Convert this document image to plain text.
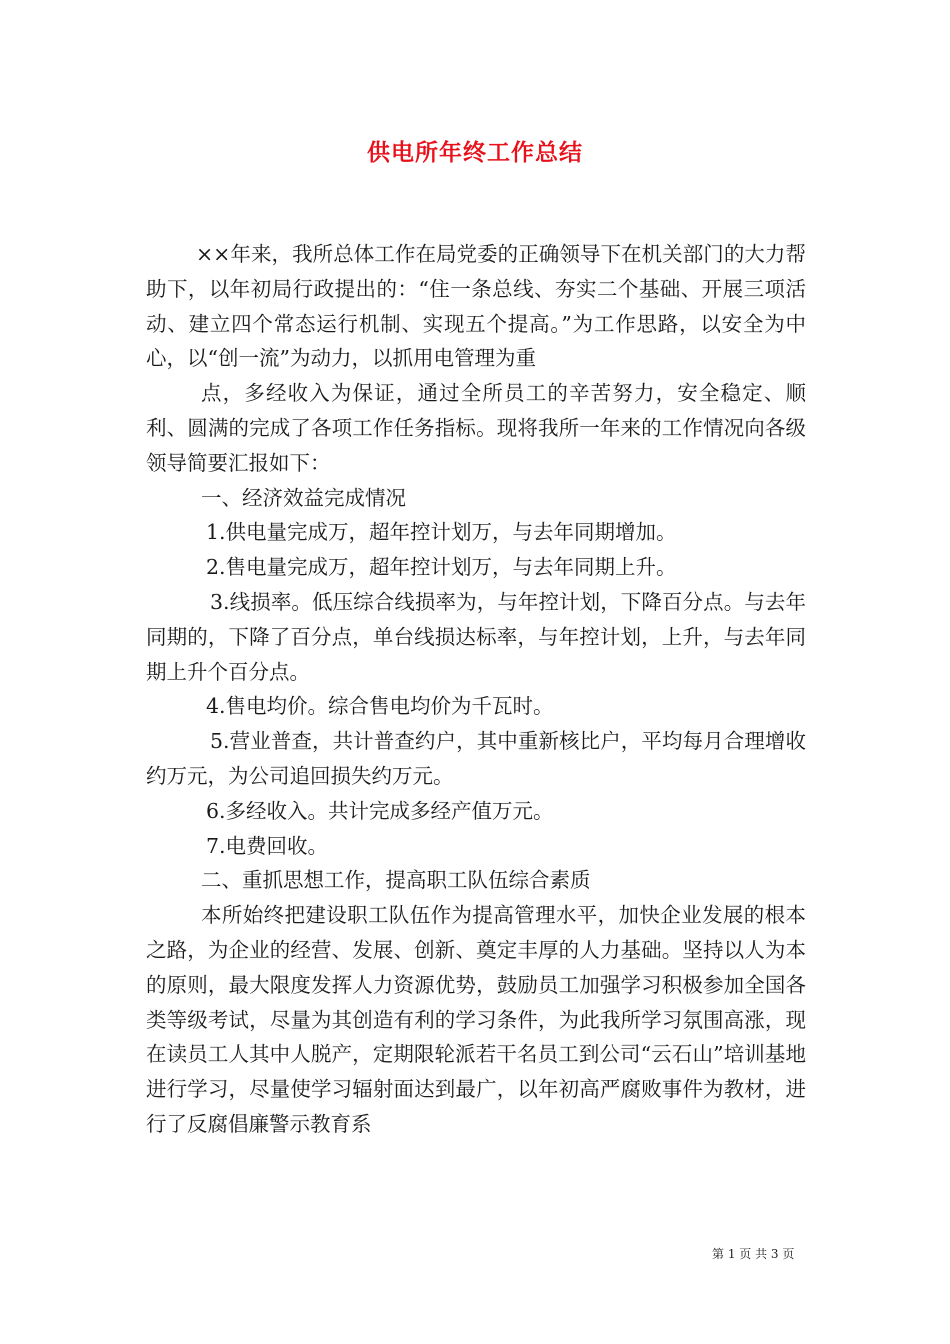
供电所年终工作总结

××年来，我所总体工作在局党委的正确领导下在机关部门的大力帮助下，以年初局行政提出的：“住一条总线、夯实二个基础、开展三项活动、建立四个常态运行机制、实现五个提高。”为工作思路，以安全为中心，以“创一流”为动力，以抓用电管理为重

点，多经收入为保证，通过全所员工的辛苦努力，安全稳定、顺利、圆满的完成了各项工作任务指标。现将我所一年来的工作情况向各级领导简要汇报如下：

一、经济效益完成情况

1.供电量完成万，超年控计划万，与去年同期增加。

2.售电量完成万，超年控计划万，与去年同期上升。

3.线损率。低压综合线损率为，与年控计划，下降百分点。与去年同期的，下降了百分点，单台线损达标率，与年控计划，上升，与去年同期上升个百分点。

4.售电均价。综合售电均价为千瓦时。

5.营业普查，共计普查约户，其中重新核比户，平均每月合理增收约万元，为公司追回损失约万元。

6.多经收入。共计完成多经产值万元。

7.电费回收。

二、重抓思想工作，提高职工队伍综合素质

本所始终把建设职工队伍作为提高管理水平，加快企业发展的根本之路，为企业的经营、发展、创新、奠定丰厚的人力基础。坚持以人为本的原则，最大限度发挥人力资源优势，鼓励员工加强学习积极参加全国各类等级考试，尽量为其创造有利的学习条件，为此我所学习氛围高涨，现在读员工人其中人脱产，定期限轮派若干名员工到公司“云石山”培训基地进行学习，尽量使学习辐射面达到最广，以年初高严腐败事件为教材，进行了反腐倡廉警示教育系

第 1 页 共 3 页
